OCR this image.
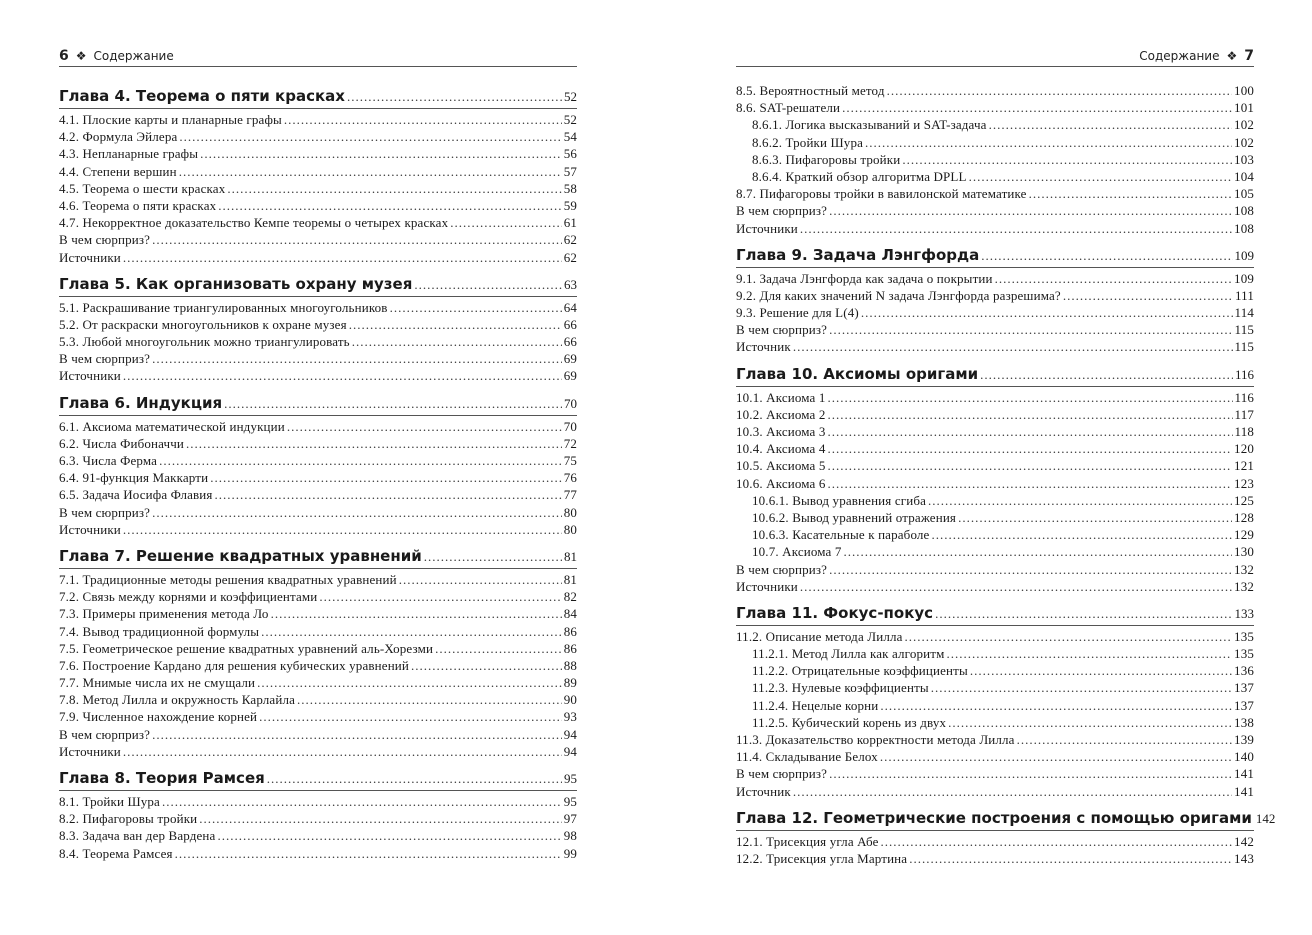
6 ❖ Содержание
Глава 4. Теорема о пяти красках .....	52
4.1. Плоские карты и планарные графы .....	52
4.2. Формула Эйлера .....	54
4.3. Непланарные графы .....	56
4.4. Степени вершин .....	57
4.5. Теорема о шести красках .....	58
4.6. Теорема о пяти красках .....	59
4.7. Некорректное доказательство Кемпе теоремы о четырех красках .....	61
В чем сюрприз? .....	62
Источники .....	62
Глава 5. Как организовать охрану музея .....	63
5.1. Раскрашивание триангулированных многоугольников .....	64
5.2. От раскраски многоугольников к охране музея .....	66
5.3. Любой многоугольник можно триангулировать .....	66
В чем сюрприз? .....	69
Источники .....	69
Глава 6. Индукция .....	70
6.1. Аксиома математической индукции .....	70
6.2. Числа Фибоначчи .....	72
6.3. Числа Ферма .....	75
6.4. 91-функция Маккарти .....	76
6.5. Задача Иосифа Флавия .....	77
В чем сюрприз? .....	80
Источники .....	80
Глава 7. Решение квадратных уравнений .....	81
7.1. Традиционные методы решения квадратных уравнений .....	81
7.2. Связь между корнями и коэффициентами .....	82
7.3. Примеры применения метода Ло .....	84
7.4. Вывод традиционной формулы .....	86
7.5. Геометрическое решение квадратных уравнений аль-Хорезми .....	86
7.6. Построение Кардано для решения кубических уравнений .....	88
7.7. Мнимые числа их не смущали .....	89
7.8. Метод Лилла и окружность Карлайла .....	90
7.9. Численное нахождение корней .....	93
В чем сюрприз? .....	94
Источники .....	94
Глава 8. Теория Рамсея .....	95
8.1. Тройки Шура .....	95
8.2. Пифагоровы тройки .....	97
8.3. Задача ван дер Вардена .....	98
8.4. Теорема Рамсея .....	99
Содержание ❖ 7
8.5. Вероятностный метод .....	100
8.6. SAT-решатели .....	101
8.6.1. Логика высказываний и SAT-задача .....	102
8.6.2. Тройки Шура .....	102
8.6.3. Пифагоровы тройки .....	103
8.6.4. Краткий обзор алгоритма DPLL .....	104
8.7. Пифагоровы тройки в вавилонской математике .....	105
В чем сюрприз? .....	108
Источники .....	108
Глава 9. Задача Лэнгфорда .....	109
9.1. Задача Лэнгфорда как задача о покрытии .....	109
9.2. Для каких значений N задача Лэнгфорда разрешима? .....	111
9.3. Решение для L(4) .....	114
В чем сюрприз? .....	115
Источник .....	115
Глава 10. Аксиомы оригами .....	116
10.1. Аксиома 1 .....	116
10.2. Аксиома 2 .....	117
10.3. Аксиома 3 .....	118
10.4. Аксиома 4 .....	120
10.5. Аксиома 5 .....	121
10.6. Аксиома 6 .....	123
10.6.1. Вывод уравнения сгиба .....	125
10.6.2. Вывод уравнений отражения .....	128
10.6.3. Касательные к параболе .....	129
10.7. Аксиома 7 .....	130
В чем сюрприз? .....	132
Источники .....	132
Глава 11. Фокус-покус .....	133
11.2. Описание метода Лилла .....	135
11.2.1. Метод Лилла как алгоритм .....	135
11.2.2. Отрицательные коэффициенты .....	136
11.2.3. Нулевые коэффициенты .....	137
11.2.4. Нецелые корни .....	137
11.2.5. Кубический корень из двух .....	138
11.3. Доказательство корректности метода Лилла .....	139
11.4. Складывание Белох .....	140
В чем сюрприз? .....	141
Источник .....	141
Глава 12. Геометрические построения с помощью оригами 142
12.1. Трисекция угла Абе .....	142
12.2. Трисекция угла Мартина .....	143
